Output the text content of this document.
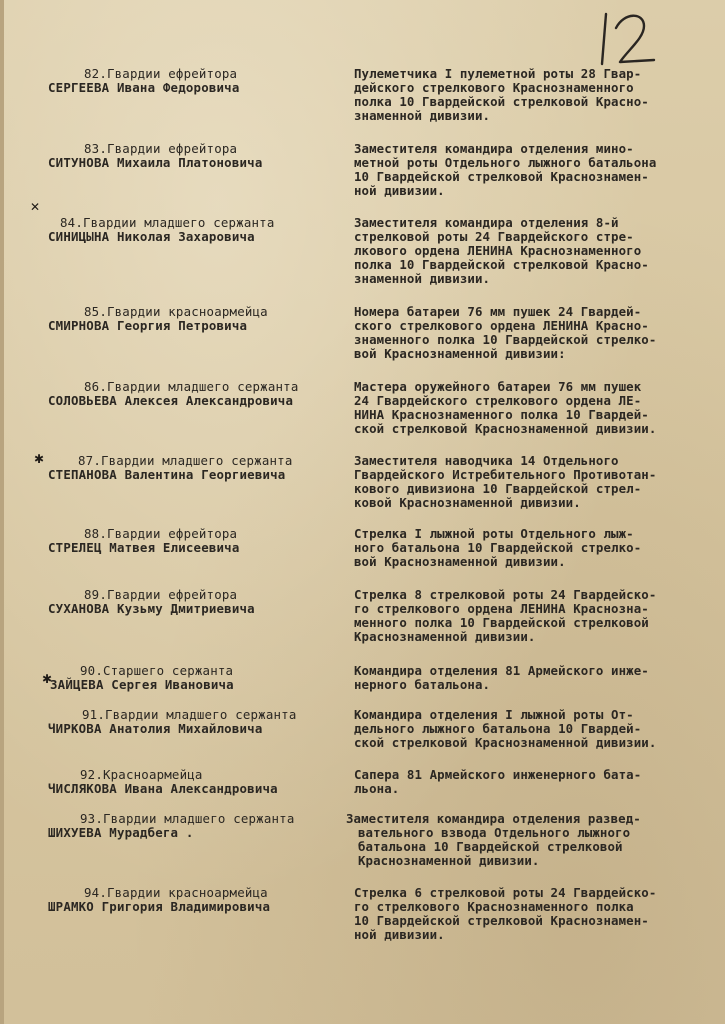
✕
✱
✱
82.Гвардии ефрейтора
СЕРГЕЕВА Ивана Федоровича
Пулеметчика I пулеметной роты 28 Гвар-
дейского стрелкового Краснознаменного
полка 10 Гвардейской стрелковой Красно-
знаменной дивизии.
83.Гвардии ефрейтора
СИТУНОВА Михаила Платоновича
Заместителя командира отделения мино-
метной роты Отдельного лыжного батальона
10 Гвардейской стрелковой Краснознамен-
ной дивизии.
84.Гвардии младшего сержанта
СИНИЦЫНА Николая Захаровича
Заместителя командира отделения 8-й
стрелковой роты 24 Гвардейского стре-
лкового ордена ЛЕНИНА Краснознаменного
полка 10 Гвардейской стрелковой Красно-
знаменной дивизии.
85.Гвардии красноармейца
СМИРНОВА Георгия Петровича
Номера батареи 76 мм пушек 24 Гвардей-
ского стрелкового ордена ЛЕНИНА Красно-
знаменного полка 10 Гвардейской стрелко-
вой Краснознаменной дивизии:
86.Гвардии младшего сержанта
СОЛОВЬЕВА Алексея Александровича
Мастера оружейного батареи 76 мм пушек
24 Гвардейского стрелкового ордена ЛЕ-
НИНА Краснознаменного полка 10 Гвардей-
ской стрелковой Краснознаменной дивизии.
87.Гвардии младшего сержанта
СТЕПАНОВА Валентина Георгиевича
Заместителя наводчика 14 Отдельного
Гвардейского Истребительного Противотан-
кового дивизиона 10 Гвардейской стрел-
ковой Краснознаменной дивизии.
88.Гвардии ефрейтора
СТРЕЛЕЦ Матвея Елисеевича
Стрелка I лыжной роты Отдельного лыж-
ного батальона 10 Гвардейской стрелко-
вой Краснознаменной дивизии.
89.Гвардии ефрейтора
СУХАНОВА Кузьму Дмитриевича
Стрелка 8 стрелковой роты 24 Гвардейско-
го стрелкового ордена ЛЕНИНА Краснозна-
менного полка 10 Гвардейской стрелковой
Краснознаменной дивизии.
90.Старшего сержанта
ЗАЙЦЕВА Сергея Ивановича
Командира отделения 81 Армейского инже-
нерного батальона.
91.Гвардии младшего сержанта
ЧИРКОВА Анатолия Михайловича
Командира отделения I лыжной роты От-
дельного лыжного батальона 10 Гвардей-
ской стрелковой Краснознаменной дивизии.
92.Красноармейца
ЧИСЛЯКОВА Ивана Александровича
Сапера 81 Армейского инженерного бата-
льона.
93.Гвардии младшего сержанта
ШИХУЕВА Мурадбега .
Заместителя командира отделения развед-
вательного взвода Отдельного лыжного
батальона 10 Гвардейской стрелковой
Краснознаменной дивизии.
94.Гвардии красноармейца
ШРАМКО Григория Владимировича
Стрелка 6 стрелковой роты 24 Гвардейско-
го стрелкового Краснознаменного полка
10 Гвардейской стрелковой Краснознамен-
ной дивизии.
